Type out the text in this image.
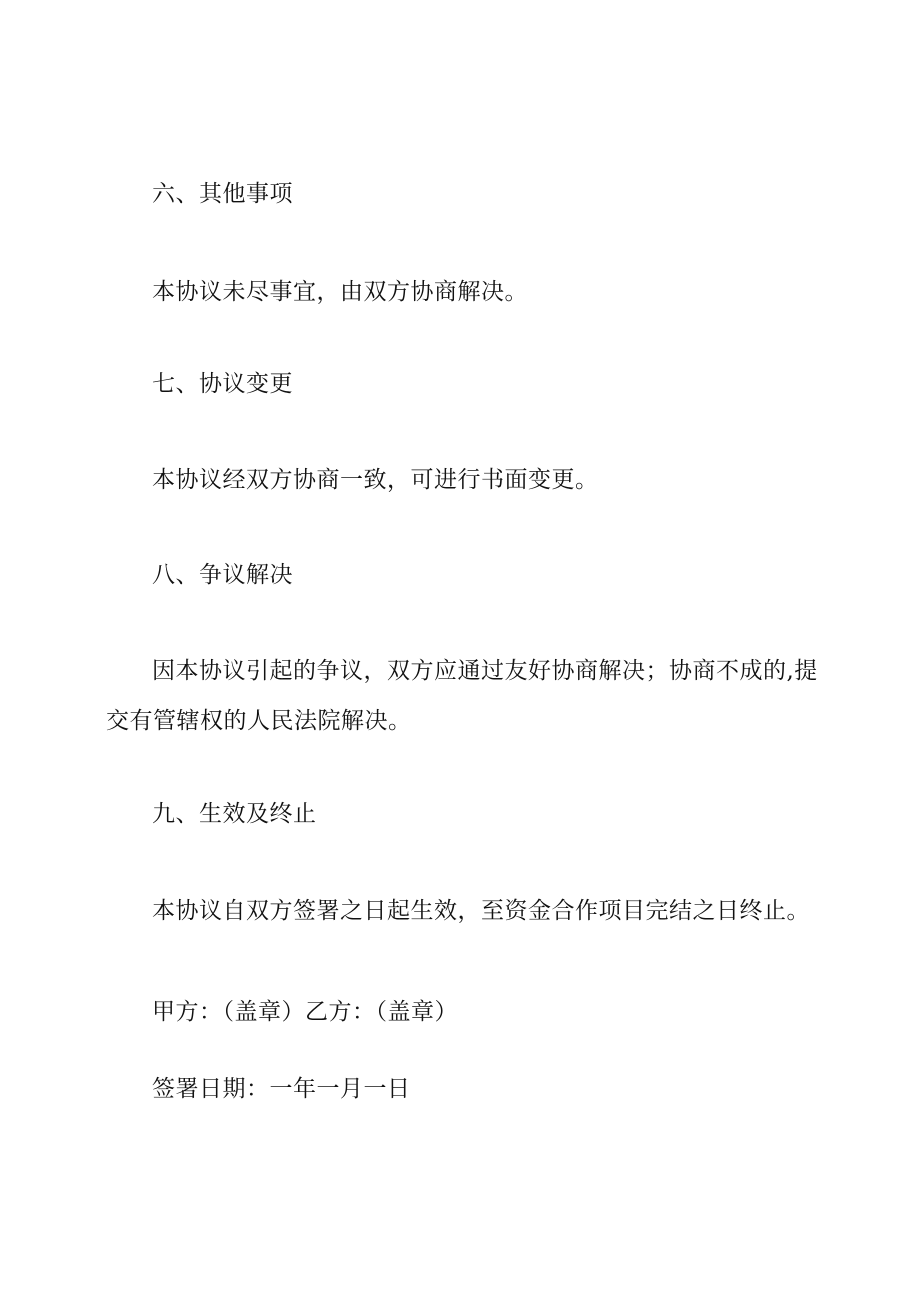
六、其他事项
本协议未尽事宜，由双方协商解决。
七、协议变更
本协议经双方协商一致，可进行书面变更。
八、争议解决
因本协议引起的争议，双方应通过友好协商解决；协商不成的,提
交有管辖权的人民法院解决。
九、生效及终止
本协议自双方签署之日起生效，至资金合作项目完结之日终止。
甲方：（盖章）乙方：（盖章）
签署日期：一年一月一日
